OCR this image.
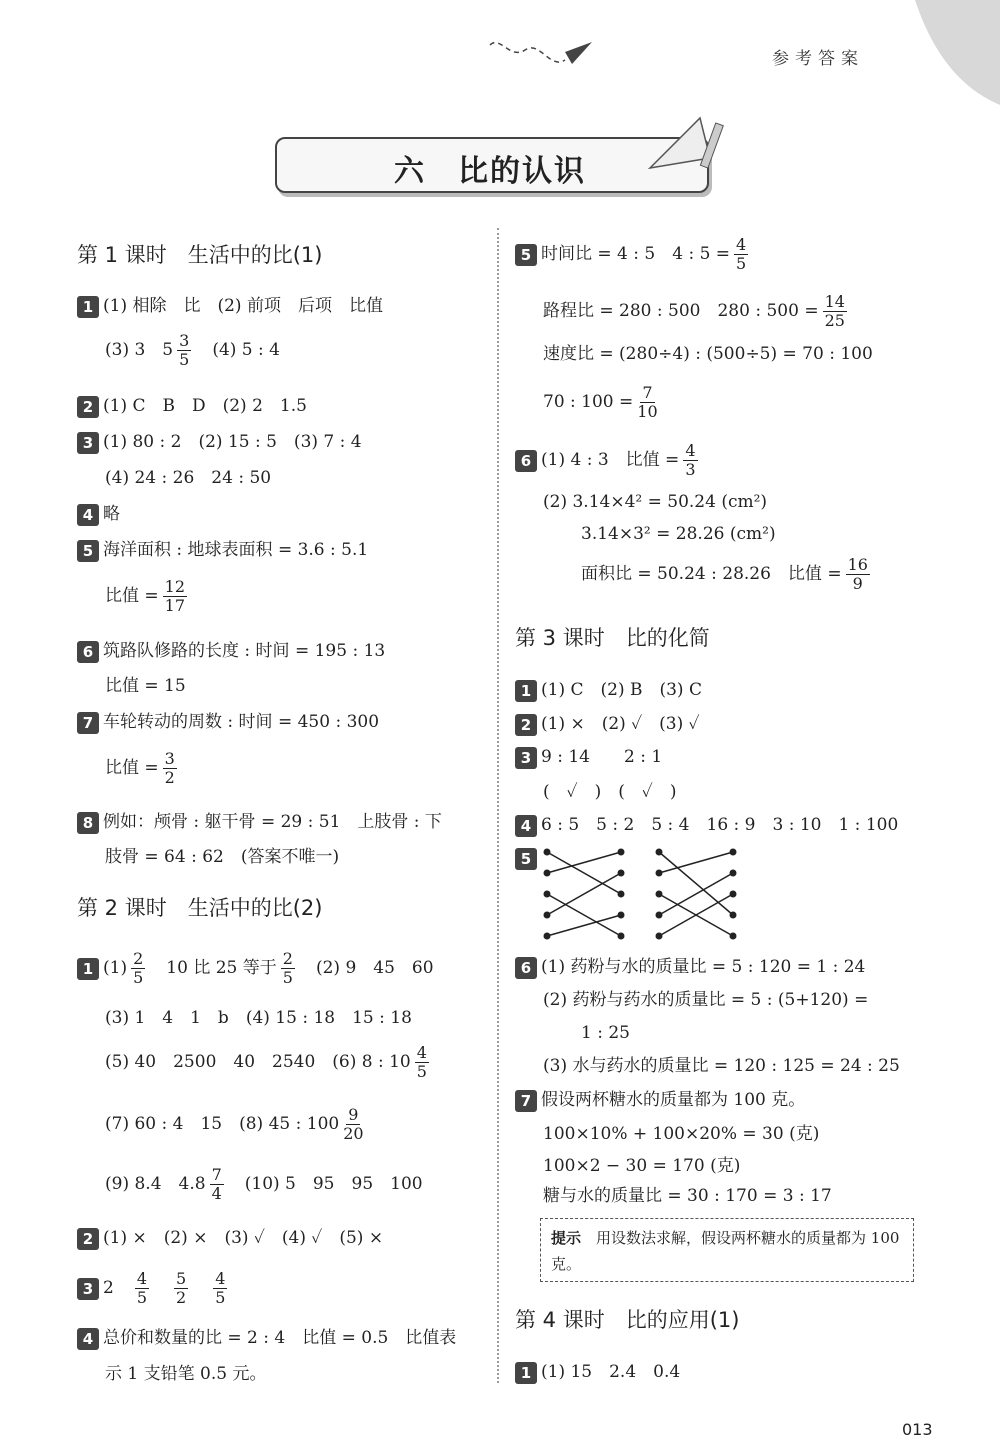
参考答案
六　比的认识
第 1 课时　生活中的比(1)
1 (1) 相除　比　(2) 前项　后项　比值
(3) 3　$5 \frac{3}{5}$
　 (4) 5 : 4
2 (1) C　B　D　(2) 2　1.5
3 (1) 80 : 2　(2) 15 : 5　(3) 7 : 4
(4) 24 : 26　24 : 50
4 略
5 海洋面积 : 地球表面积 = 3.6 : 5.1
比值 = $\frac{12}{17}$
6 筑路队修路的长度 : 时间 = 195 : 13
比值 = 15
7 车轮转动的周数 : 时间 = 450 : 300
比值 = $\frac{3}{2}$
8 例如：颅骨 : 躯干骨 = 29 : 51　上肢骨 : 下
肢骨 = 64 : 62　(答案不唯一)
第 2 课时　生活中的比(2)
1 $(1) \frac{2}{5}$
　 10 比 25 等于 $\frac{2}{5}$
　 (2) 9　45　60
(3) 1　4　1　b　(4) 15 : 18　15 : 18
(5) 40　2500　40　2540　(6) 8 : $10 \frac{4}{5}$
(7) 60 : 4　15　(8) 45 : $100 \frac{9}{20}$
(9) 8.4　$4.8 \frac{7}{4}$
　 (10) 5　95　95　100
2 (1) ×　(2) ×　(3) ✓　(4) ✓　(5) ×
3 2　 $\frac{4}{5}$
　 $\frac{5}{2}$
　 $\frac{4}{5}$
4 总价和数量的比 = 2 : 4　比值 = 0.5　比值表
示 1 支铅笔 0.5 元。
5 时间比 = 4 : 5　4 : $5 = \frac{4}{5}$
路程比 = 280 : 500　280 : $500 = \frac{14}{25}$
速度比 = (280÷4) : (500÷5) = 70 : 100
70 : $100 = \frac{7}{10}$
6 (1) 4 : 3　比值 = $\frac{4}{3}$
(2) 3.14×4² = 50.24 (cm²)
3.14×3² = 28.26 (cm²)
面积比 = 50.24 : 28.26　比值 = $\frac{16}{9}$
第 3 课时　比的化简
1 (1) C　(2) B　(3) C
2 (1) ×　(2) ✓　(3) ✓
3 9 : 14　　2 : 1
(　✓　)　(　✓　)
4 6 : 5　5 : 2　5 : 4　16 : 9　3 : 10　1 : 100
5
6 (1) 药粉与水的质量比 = 5 : 120 = 1 : 24
(2) 药粉与药水的质量比 = 5 : (5+120) =
1 : 25
(3) 水与药水的质量比 = 120 : 125 = 24 : 25
7 假设两杯糖水的质量都为 100 克。
100×10% + 100×20% = 30 (克)
100×2 − 30 = 170 (克)
糖与水的质量比 = 30 : 170 = 3 : 17
提示　 用设数法求解，假设两杯糖水的质量都为 100 克。
第 4 课时　比的应用(1)
1 (1) 15　2.4　0.4
013
